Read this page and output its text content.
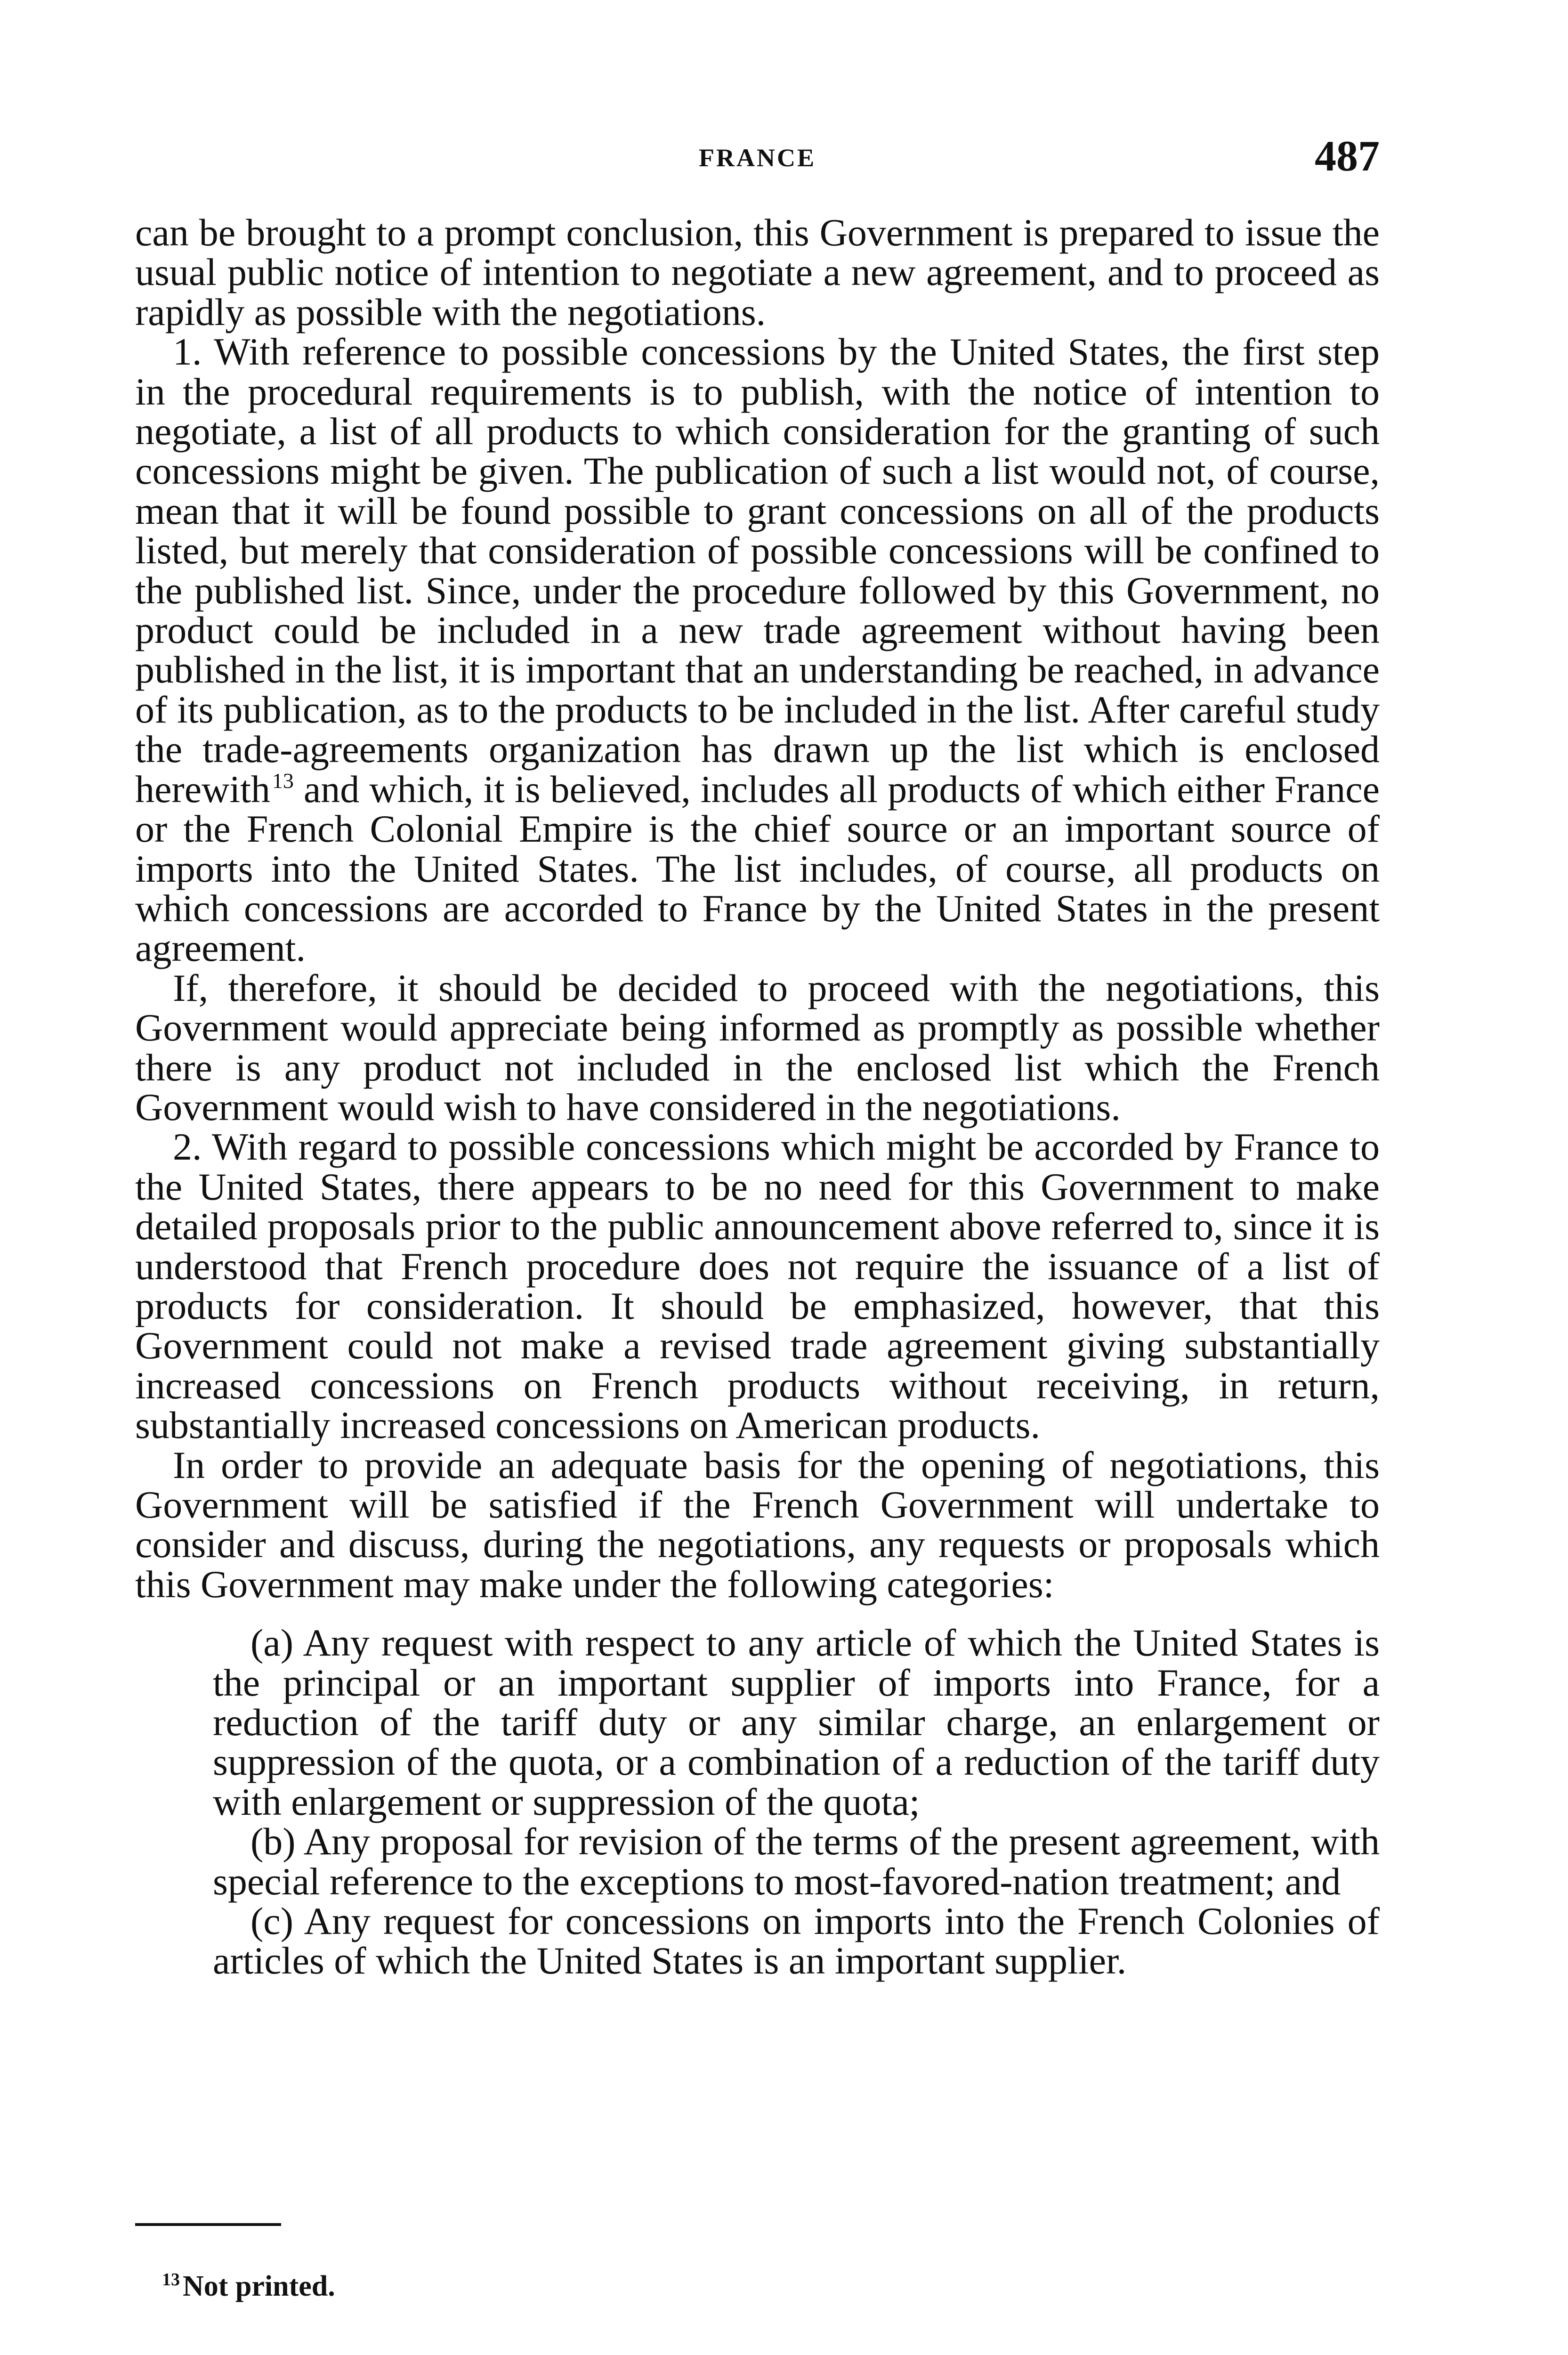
FRANCE	487

can be brought to a prompt conclusion, this Government is prepared to issue the usual public notice of intention to negotiate a new agreement, and to proceed as rapidly as possible with the negotiations.

1. With reference to possible concessions by the United States, the first step in the procedural requirements is to publish, with the notice of intention to negotiate, a list of all products to which consideration for the granting of such concessions might be given. The publication of such a list would not, of course, mean that it will be found possible to grant concessions on all of the products listed, but merely that consideration of possible concessions will be confined to the published list. Since, under the procedure followed by this Government, no product could be included in a new trade agreement without having been published in the list, it is important that an understanding be reached, in advance of its publication, as to the products to be included in the list. After careful study the trade-agreements organization has drawn up the list which is enclosed herewith$^{13}$ and which, it is believed, includes all products of which either France or the French Colonial Empire is the chief source or an important source of imports into the United States. The list includes, of course, all products on which concessions are accorded to France by the United States in the present agreement.

If, therefore, it should be decided to proceed with the negotiations, this Government would appreciate being informed as promptly as possible whether there is any product not included in the enclosed list which the French Government would wish to have considered in the negotiations.

2. With regard to possible concessions which might be accorded by France to the United States, there appears to be no need for this Government to make detailed proposals prior to the public announcement above referred to, since it is understood that French procedure does not require the issuance of a list of products for consideration. It should be emphasized, however, that this Government could not make a revised trade agreement giving substantially increased concessions on French products without receiving, in return, substantially increased concessions on American products.

In order to provide an adequate basis for the opening of negotiations, this Government will be satisfied if the French Government will undertake to consider and discuss, during the negotiations, any requests or proposals which this Government may make under the following categories:

(a) Any request with respect to any article of which the United States is the principal or an important supplier of imports into France, for a reduction of the tariff duty or any similar charge, an enlargement or suppression of the quota, or a combination of a reduction of the tariff duty with enlargement or suppression of the quota;

(b) Any proposal for revision of the terms of the present agreement, with special reference to the exceptions to most-favored-nation treatment; and

(c) Any request for concessions on imports into the French Colonies of articles of which the United States is an important supplier.

$^{13}$Not printed.
